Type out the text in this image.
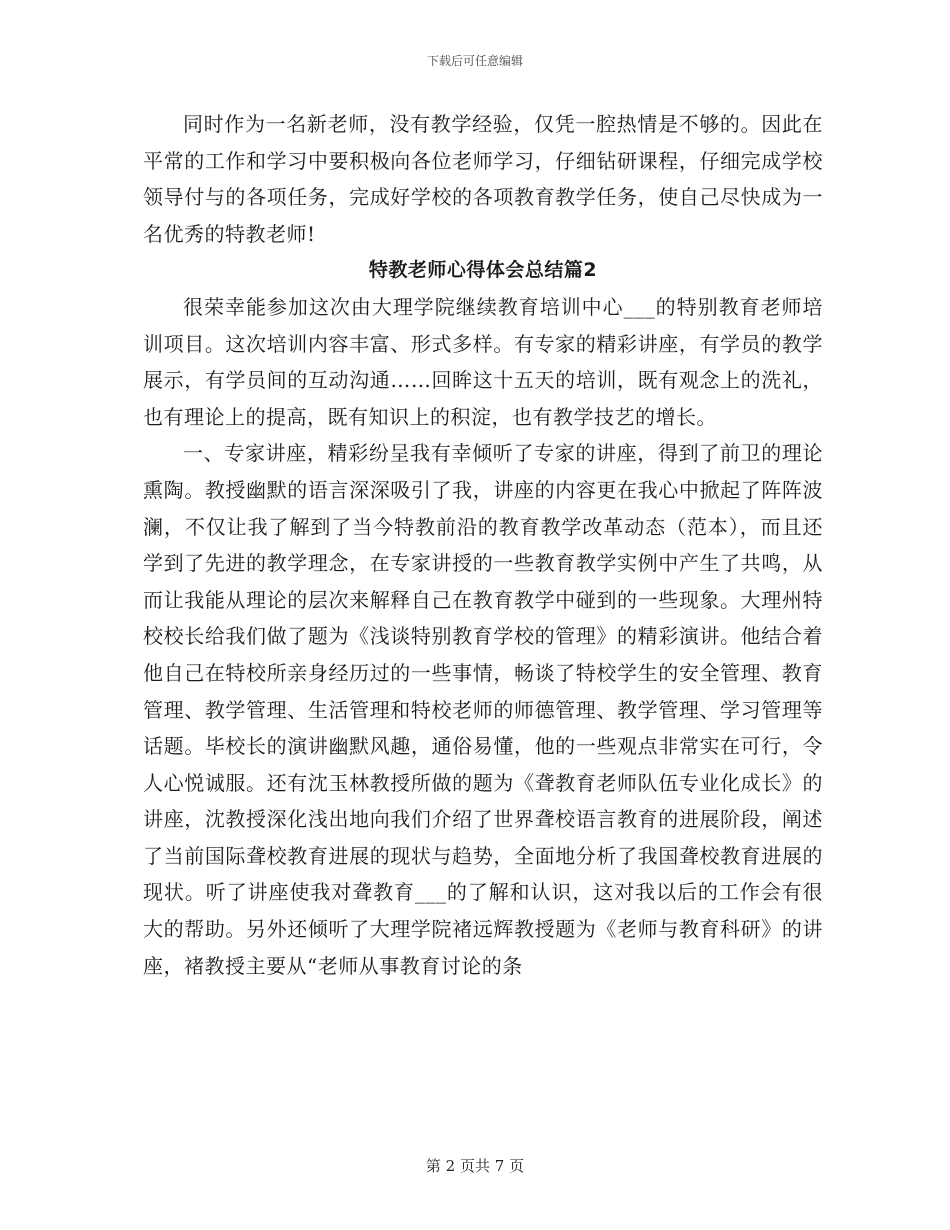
下载后可任意编辑

同时作为一名新老师，没有教学经验，仅凭一腔热情是不够的。因此在平常的工作和学习中要积极向各位老师学习，仔细钻研课程，仔细完成学校领导付与的各项任务，完成好学校的各项教育教学任务，使自己尽快成为一名优秀的特教老师!

特教老师心得体会总结篇2

很荣幸能参加这次由大理学院继续教育培训中心___的特别教育老师培训项目。这次培训内容丰富、形式多样。有专家的精彩讲座，有学员的教学展示，有学员间的互动沟通……回眸这十五天的培训，既有观念上的洗礼，也有理论上的提高，既有知识上的积淀，也有教学技艺的增长。

一、专家讲座，精彩纷呈我有幸倾听了专家的讲座，得到了前卫的理论熏陶。教授幽默的语言深深吸引了我，讲座的内容更在我心中掀起了阵阵波澜，不仅让我了解到了当今特教前沿的教育教学改革动态（范本），而且还学到了先进的教学理念，在专家讲授的一些教育教学实例中产生了共鸣，从而让我能从理论的层次来解释自己在教育教学中碰到的一些现象。大理州特校校长给我们做了题为《浅谈特别教育学校的管理》的精彩演讲。他结合着他自己在特校所亲身经历过的一些事情，畅谈了特校学生的安全管理、教育管理、教学管理、生活管理和特校老师的师德管理、教学管理、学习管理等话题。毕校长的演讲幽默风趣，通俗易懂，他的一些观点非常实在可行，令人心悦诚服。还有沈玉林教授所做的题为《聋教育老师队伍专业化成长》的讲座，沈教授深化浅出地向我们介绍了世界聋校语言教育的进展阶段，阐述了当前国际聋校教育进展的现状与趋势，全面地分析了我国聋校教育进展的现状。听了讲座使我对聋教育___的了解和认识，这对我以后的工作会有很大的帮助。另外还倾听了大理学院褚远辉教授题为《老师与教育科研》的讲座，褚教授主要从“老师从事教育讨论的条

第 2 页共 7 页
